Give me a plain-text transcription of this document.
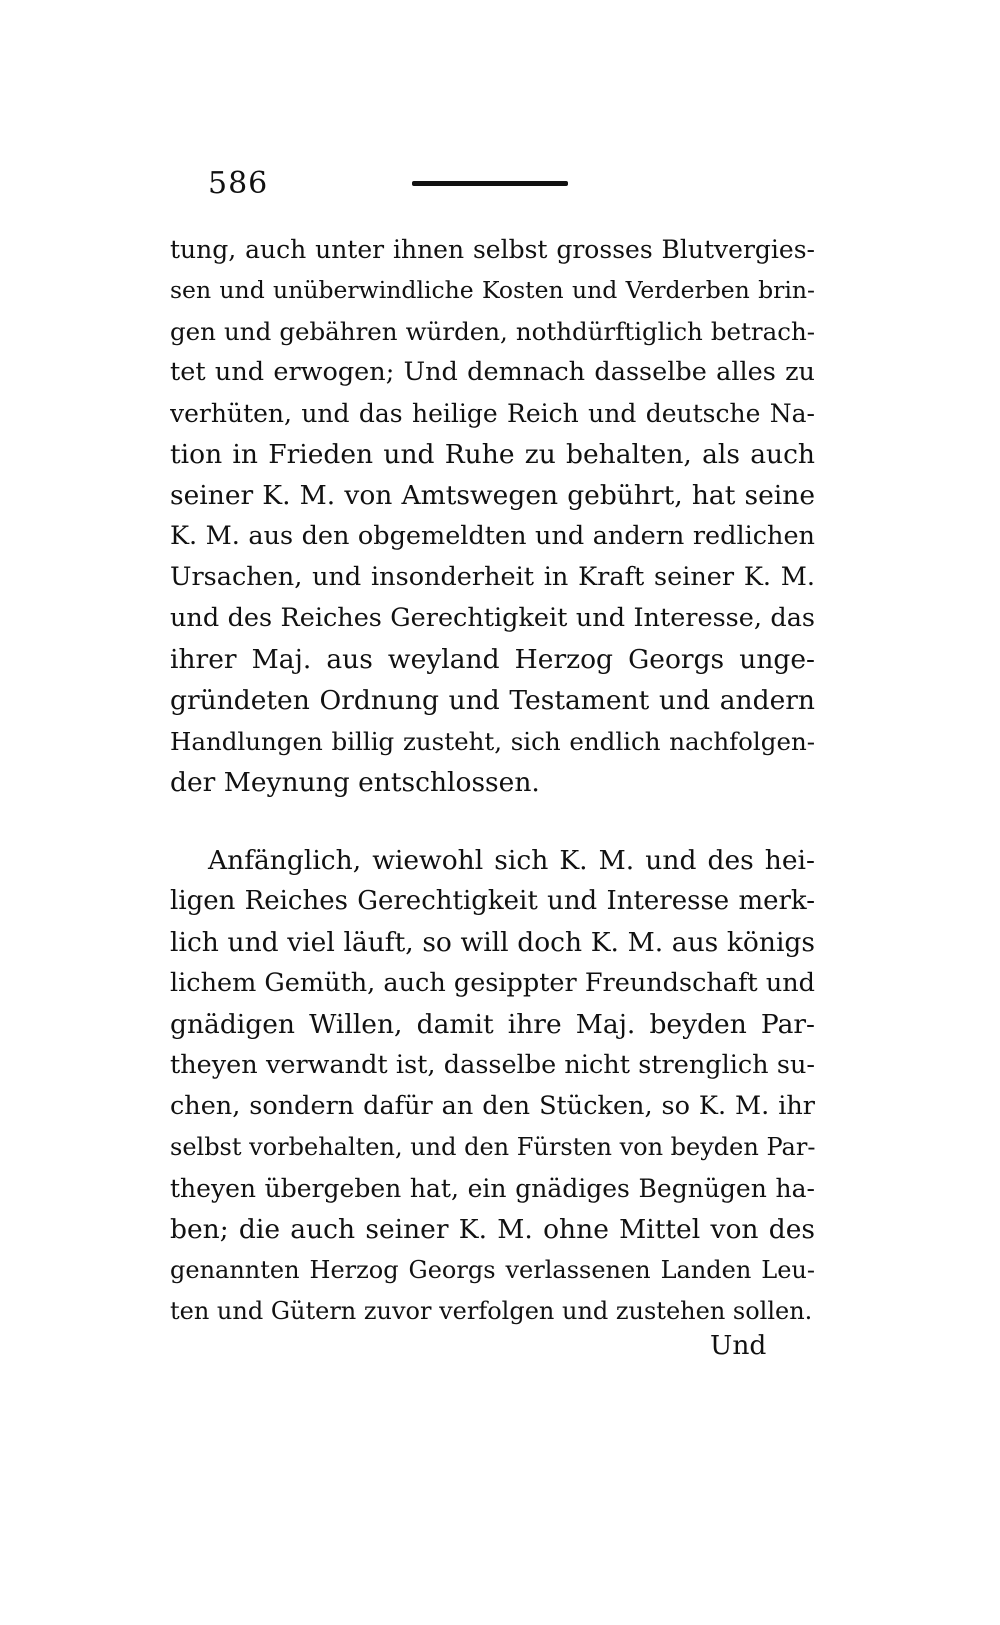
586
tung, auch unter ihnen selbst grosses Blutvergies-
sen und unüberwindliche Kosten und Verderben brin-
gen und gebähren würden, nothdürftiglich betrach-
tet und erwogen; Und demnach dasselbe alles zu
verhüten, und das heilige Reich und deutsche Na-
tion in Frieden und Ruhe zu behalten, als auch
seiner K. M. von Amtswegen gebührt, hat seine
K. M. aus den obgemeldten und andern redlichen
Ursachen, und insonderheit in Kraft seiner K. M.
und des Reiches Gerechtigkeit und Interesse, das
ihrer Maj. aus weyland Herzog Georgs unge-
gründeten Ordnung und Testament und andern
Handlungen billig zusteht, sich endlich nachfolgen-
der Meynung entschlossen.
Anfänglich, wiewohl sich K. M. und des hei-
ligen Reiches Gerechtigkeit und Interesse merk-
lich und viel läuft, so will doch K. M. aus königs
lichem Gemüth, auch gesippter Freundschaft und
gnädigen Willen, damit ihre Maj. beyden Par-
theyen verwandt ist, dasselbe nicht strenglich su-
chen, sondern dafür an den Stücken, so K. M. ihr
selbst vorbehalten, und den Fürsten von beyden Par-
theyen übergeben hat, ein gnädiges Begnügen ha-
ben; die auch seiner K. M. ohne Mittel von des
genannten Herzog Georgs verlassenen Landen Leu-
ten und Gütern zuvor verfolgen und zustehen sollen.
Und
